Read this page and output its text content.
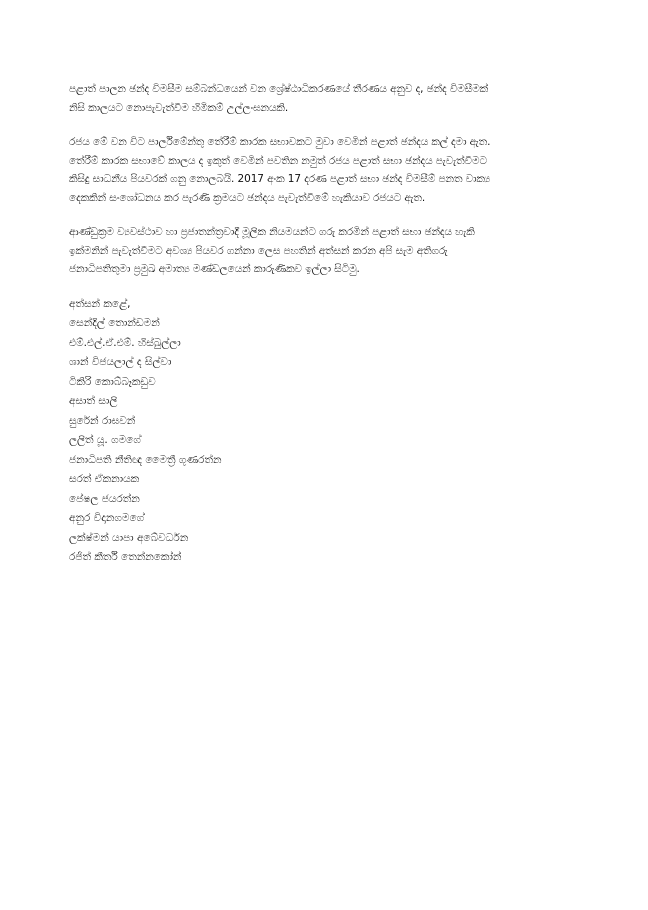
පළාත් පාලන ඡන්ද විමසීම සම්බන්ධයෙන් වන ශ්‍රේෂ්ඨාධිකරණයේ තීරණය අනුව ද, ඡන්ද විමසීමක්
නිසි කාලයට නොපැවැත්වීම හිමිකම් උල්ලංඝනයකි.
රජය මේ වන විට පාර්ලිමේන්තු තේරීම් කාරක සභාවකට මුවා වෙමින් පළාත් ඡන්දය කල් දමා ඇත.
තේරීම් කාරක සභාවේ කාලය ද ඉකුත් වෙමින් පවතින නමුත් රජය පළාත් සභා ඡන්දය පැවැත්වීමට
කිසිදු සාධනීය පියවරක් ගනු නොලබයි. 2017 අංක 17 දරණ පළාත් සභා ඡන්ද විමසීම් පනත වාක්‍ය
දෙකකින් සංශෝධනය කර පැරණි ක්‍රමයට ඡන්දය පැවැත්වීමේ හැකියාව රජයට ඇත.
ආණ්ඩුක්‍රම ව්‍යවස්ථාව හා ප්‍රජාතන්ත්‍රවාදී මූලික නියමයන්ට ගරු කරමින් පළාත් සභා ඡන්දය හැකි
ඉක්මනින් පැවැත්වීමට අවශ්‍ය පියවර ගන්නා ලෙස පහතින් අත්සන් කරන අපි සැම අතිගරු
ජනාධිපතිතුමා ප්‍රමුඛ අමාත්‍ය මණ්ඩලයෙන් කාරුණිකව ඉල්ලා සිටිමු.
අත්සන් කළේ,
සෙන්දිල් තොන්ඩමන්
එම්.එල්.ඒ.එම්. හිස්බුල්ලා
ශාන් විජයලාල් ද සිල්වා
ටිකිරි කොබ්බෑකඩුව
අසාත් සාලි
සුරේන් රාඝවන්
ලලිත් යූ. ගමගේ
ජනාධිපති නීතිඥ මෛත්‍රී ගුණරත්න
සරත් ඒකනායක
පේෂල ජයරත්න
අනුර විදානගමගේ
ලක්ෂ්මන් යාපා අබේවර්ධන
රජිත් කීර්ති තෙන්නකෝන්
